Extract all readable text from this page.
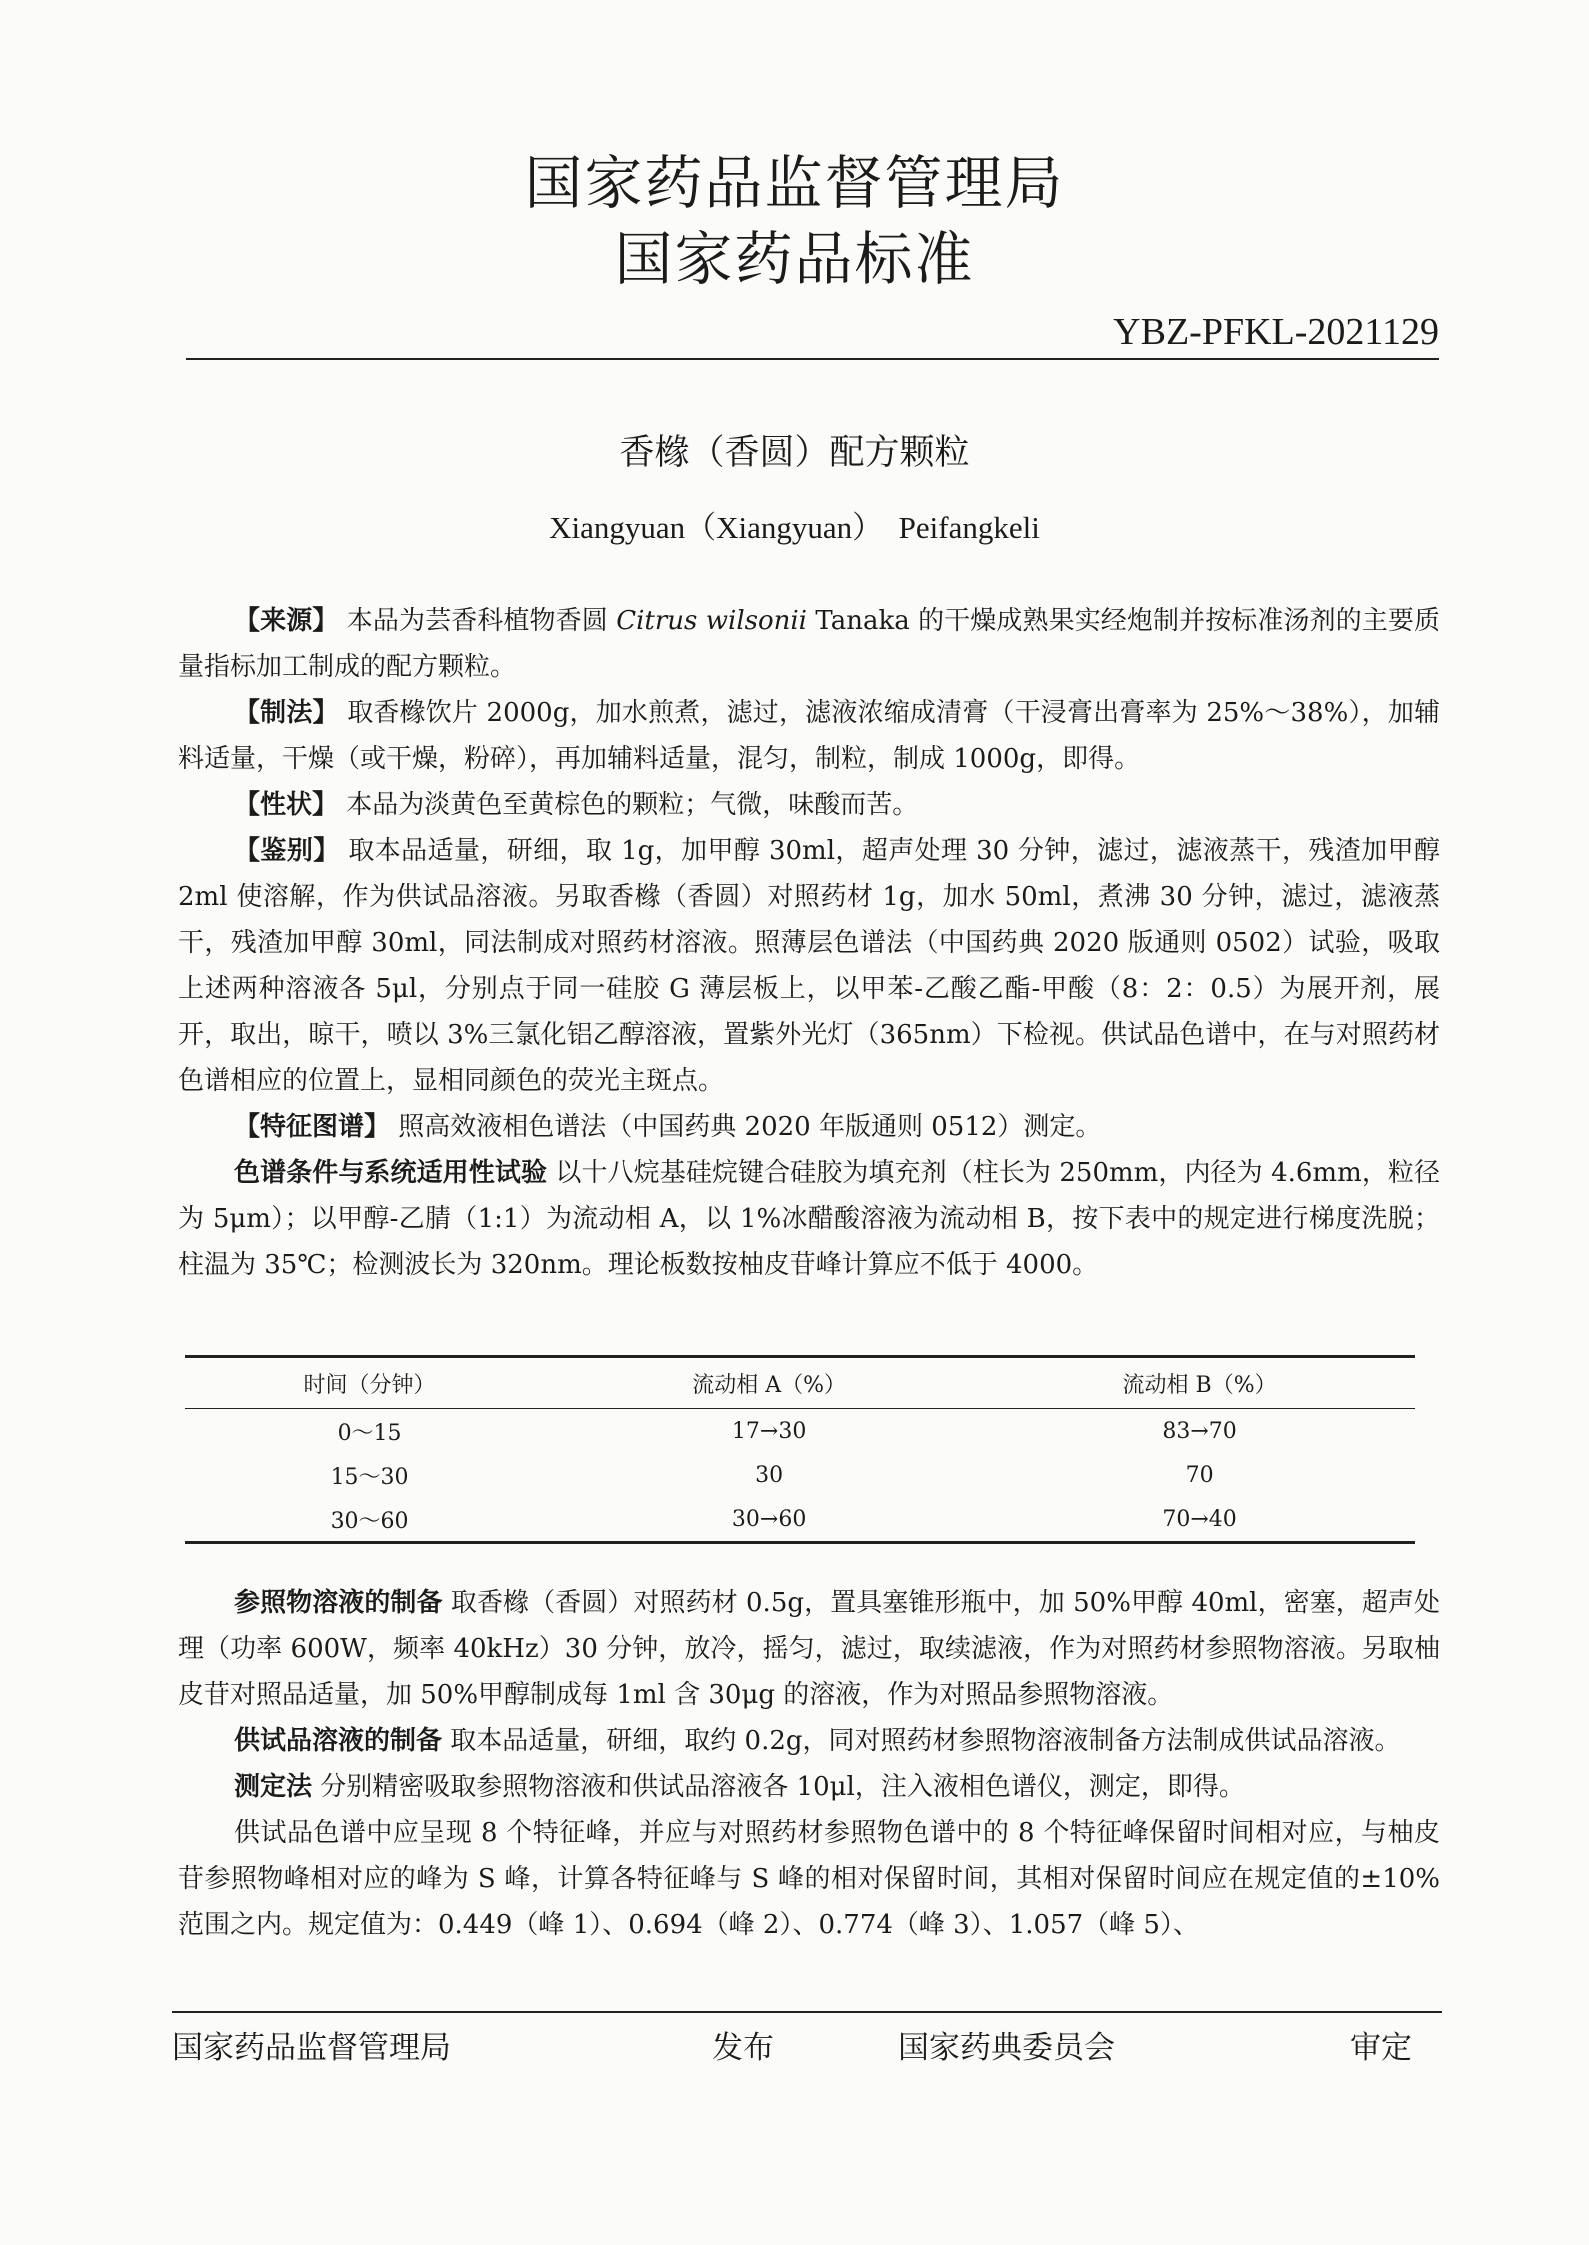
国家药品监督管理局
国家药品标准
YBZ-PFKL-2021129
香橼（香圆）配方颗粒
Xiangyuan（Xiangyuan）  Peifangkeli

【来源】 本品为芸香科植物香圆 Citrus wilsonii Tanaka 的干燥成熟果实经炮制并按标准汤剂的主要质量指标加工制成的配方颗粒。

【制法】 取香橼饮片 2000g，加水煎煮，滤过，滤液浓缩成清膏（干浸膏出膏率为 25%～38%），加辅料适量，干燥（或干燥，粉碎），再加辅料适量，混匀，制粒，制成 1000g，即得。

【性状】 本品为淡黄色至黄棕色的颗粒；气微，味酸而苦。

【鉴别】 取本品适量，研细，取 1g，加甲醇 30ml，超声处理 30 分钟，滤过，滤液蒸干，残渣加甲醇 2ml 使溶解，作为供试品溶液。另取香橼（香圆）对照药材 1g，加水 50ml，煮沸 30 分钟，滤过，滤液蒸干，残渣加甲醇 30ml，同法制成对照药材溶液。照薄层色谱法（中国药典 2020 版通则 0502）试验，吸取上述两种溶液各 5μl，分别点于同一硅胶 G 薄层板上，以甲苯-乙酸乙酯-甲酸（8：2：0.5）为展开剂，展开，取出，晾干，喷以 3%三氯化铝乙醇溶液，置紫外光灯（365nm）下检视。供试品色谱中，在与对照药材色谱相应的位置上，显相同颜色的荧光主斑点。

【特征图谱】 照高效液相色谱法（中国药典 2020 年版通则 0512）测定。

色谱条件与系统适用性试验 以十八烷基硅烷键合硅胶为填充剂（柱长为 250mm，内径为 4.6mm，粒径为 5μm）；以甲醇-乙腈（1:1）为流动相 A，以 1%冰醋酸溶液为流动相 B，按下表中的规定进行梯度洗脱；柱温为 35℃；检测波长为 320nm。理论板数按柚皮苷峰计算应不低于 4000。

时间（分钟）	流动相 A（%）	流动相 B（%）
0～15	17→30	83→70
15～30	30	70
30～60	30→60	70→40

参照物溶液的制备 取香橼（香圆）对照药材 0.5g，置具塞锥形瓶中，加 50%甲醇 40ml，密塞，超声处理（功率 600W，频率 40kHz）30 分钟，放冷，摇匀，滤过，取续滤液，作为对照药材参照物溶液。另取柚皮苷对照品适量，加 50%甲醇制成每 1ml 含 30μg 的溶液，作为对照品参照物溶液。

供试品溶液的制备 取本品适量，研细，取约 0.2g，同对照药材参照物溶液制备方法制成供试品溶液。

测定法 分别精密吸取参照物溶液和供试品溶液各 10μl，注入液相色谱仪，测定，即得。

供试品色谱中应呈现 8 个特征峰，并应与对照药材参照物色谱中的 8 个特征峰保留时间相对应，与柚皮苷参照物峰相对应的峰为 S 峰，计算各特征峰与 S 峰的相对保留时间，其相对保留时间应在规定值的±10%范围之内。规定值为：0.449（峰 1）、0.694（峰 2）、0.774（峰 3）、1.057（峰 5）、

国家药品监督管理局	发布	国家药典委员会	审定
